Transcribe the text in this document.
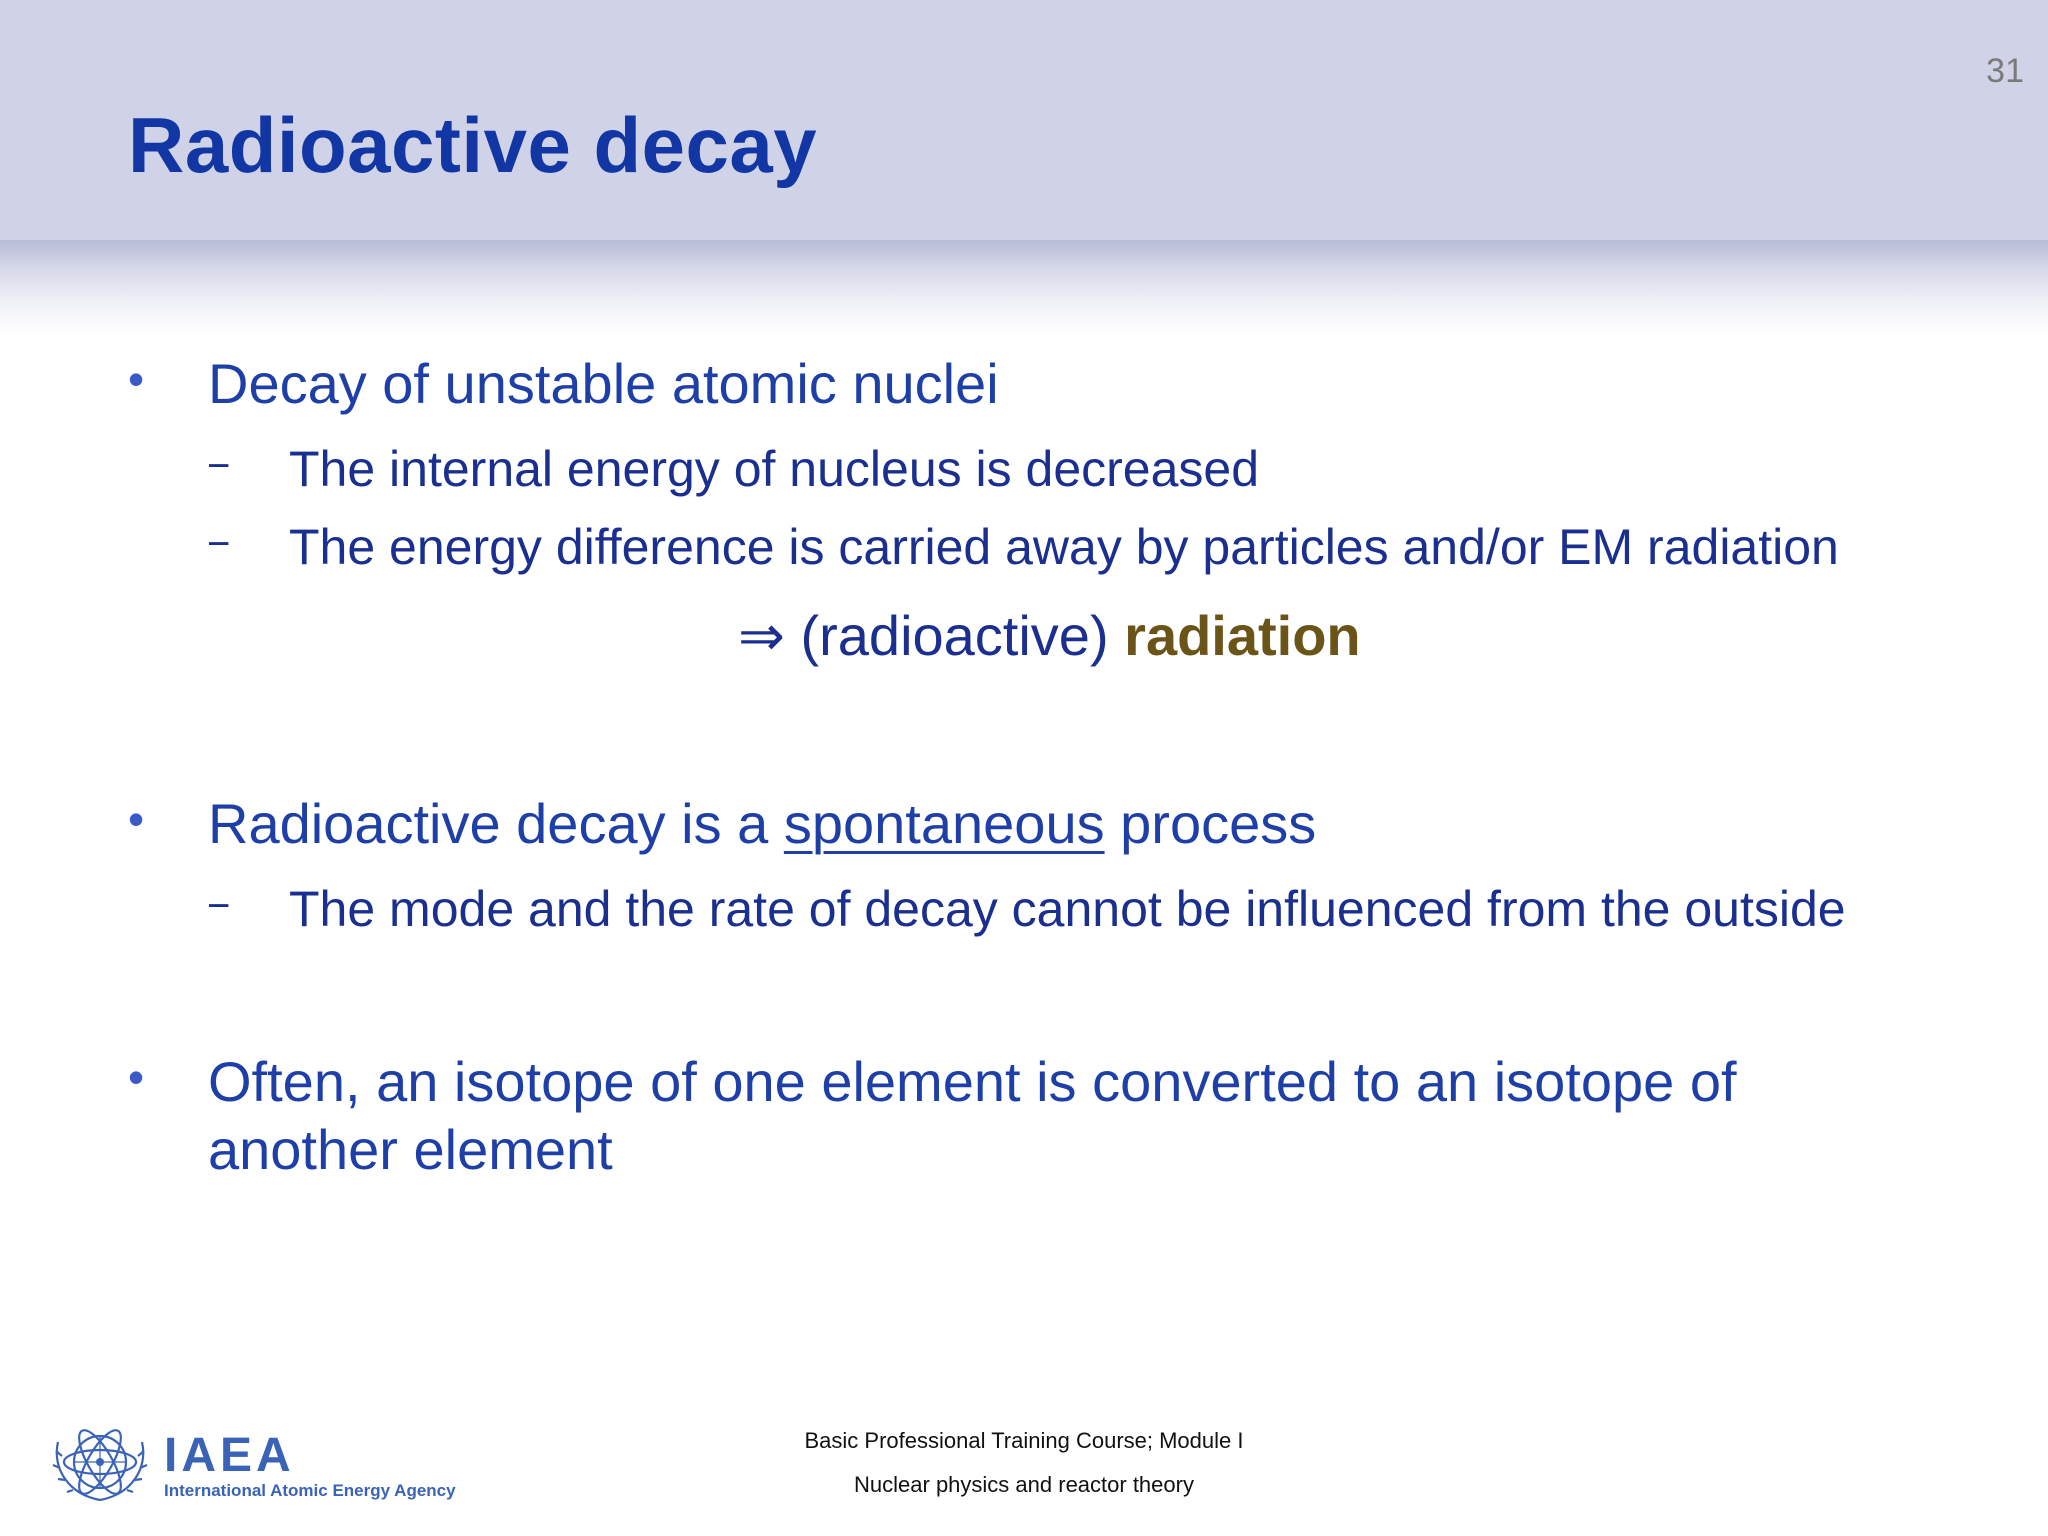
31
Radioactive decay
• Decay of unstable atomic nuclei
− The internal energy of nucleus is decreased
− The energy difference is carried away by particles and/or EM radiation
⇒ (radioactive) radiation
• Radioactive decay is a spontaneous process
− The mode and the rate of decay cannot be influenced from the outside
• Often, an isotope of one element is converted to an isotope of
another element
IAEA
International Atomic Energy Agency
Basic Professional Training Course; Module I
Nuclear physics and reactor theory
